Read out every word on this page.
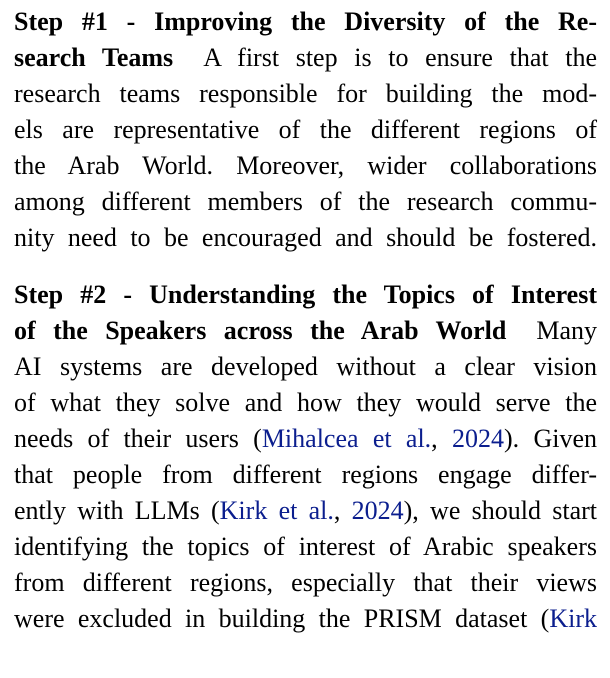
Step #1 - Improving the Diversity of the Re-
search Teams A first step is to ensure that the
research teams responsible for building the mod-
els are representative of the different regions of
the Arab World. Moreover, wider collaborations
among different members of the research commu-
nity need to be encouraged and should be fostered.
Step #2 - Understanding the Topics of Interest
of the Speakers across the Arab World Many
AI systems are developed without a clear vision
of what they solve and how they would serve the
needs of their users (Mihalcea et al., 2024). Given
that people from different regions engage differ-
ently with LLMs (Kirk et al., 2024), we should start
identifying the topics of interest of Arabic speakers
from different regions, especially that their views
were excluded in building the PRISM dataset (Kirk
